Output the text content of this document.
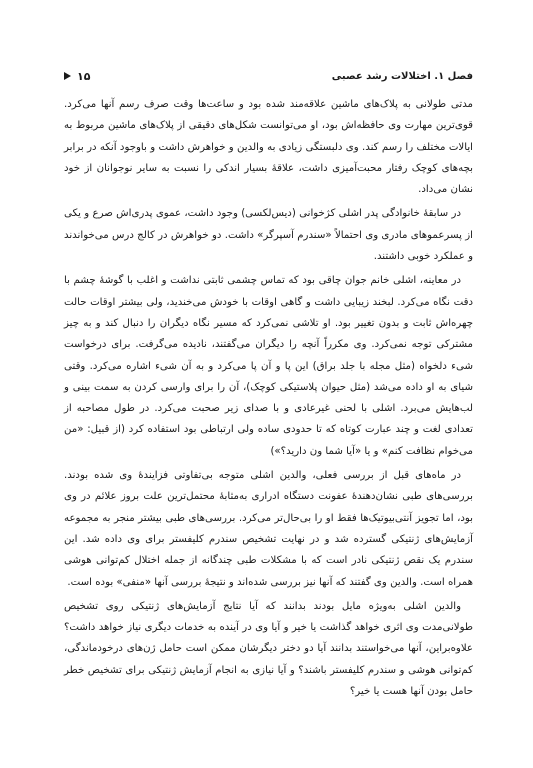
فصل ۱. اختلالات رشد عصبی
۱۵

مدتی طولانی به پلاک‌های ماشین علاقه‌مند شده بود و ساعت‌ها وقت صرف رسم آنها می‌کرد. قوی‌ترین مهارت وی حافظه‌اش بود، او می‌توانست شکل‌های دقیقی از پلاک‌های ماشین مربوط به ایالات مختلف را رسم کند. وی دلبستگی زیادی به والدین و خواهرش داشت و باوجود آنکه در برابر بچه‌های کوچک رفتار محبت‌آمیزی داشت، علاقهٔ بسیار اندکی را نسبت به سایر نوجوانان از خود نشان می‌داد.

در سابقهٔ خانوادگی پدر اشلی کژخوانی (دیس‌لکسی) وجود داشت، عموی پدری‌اش صرع و یکی از پسرعموهای مادری وی احتمالاً «سندرم آسپرگر» داشت. دو خواهرش در کالج درس می‌خواندند و عملکرد خوبی داشتند.

در معاینه، اشلی خانم جوان چاقی بود که تماس چشمی ثابتی نداشت و اغلب با گوشهٔ چشم با دقت نگاه می‌کرد. لبخند زیبایی داشت و گاهی اوقات با خودش می‌خندید، ولی بیشتر اوقات حالت چهره‌اش ثابت و بدون تغییر بود. او تلاشی نمی‌کرد که مسیر نگاه دیگران را دنبال کند و به چیز مشترکی توجه نمی‌کرد. وی مکرراً آنچه را دیگران می‌گفتند، نادیده می‌گرفت. برای درخواست شیء دلخواه (مثل مجله با جلد براق) این پا و آن پا می‌کرد و به آن شیء اشاره می‌کرد. وقتی شیای به او داده می‌شد (مثل حیوان پلاستیکی کوچک)، آن را برای وارسی کردن به سمت بینی و لب‌هایش می‌برد. اشلی با لحنی غیرعادی و با صدای زیر صحبت می‌کرد. در طول مصاحبه از تعدادی لغت و چند عبارت کوتاه که تا حدودی ساده ولی ارتباطی بود استفاده کرد (از قبیل: «من می‌خوام نظافت کنم» و یا «آیا شما ون دارید؟»)

در ماه‌های قبل از بررسی فعلی، والدین اشلی متوجه بی‌تفاوتی فزایندهٔ وی شده بودند. بررسی‌های طبی نشان‌دهندهٔ عفونت دستگاه ادراری به‌مثابهٔ محتمل‌ترین علت بروز علائم در وی بود، اما تجویز آنتی‌بیوتیک‌ها فقط او را بی‌حال‌تر می‌کرد. بررسی‌های طبی بیشتر منجر به مجموعه آزمایش‌های ژنتیکی گسترده شد و در نهایت تشخیص سندرم کلیفستر برای وی داده شد. این سندرم یک نقص ژنتیکی نادر است که با مشکلات طبی چندگانه از جمله اختلال کم‌توانی هوشی همراه است. والدین وی گفتند که آنها نیز بررسی شده‌اند و نتیجهٔ بررسی آنها «منفی» بوده است.

والدین اشلی به‌ویژه مایل بودند بدانند که آیا نتایج آزمایش‌های ژنتیکی روی تشخیص طولانی‌مدت وی اثری خواهد گذاشت یا خیر و آیا وی در آینده به خدمات دیگری نیاز خواهد داشت؟ علاوه‌براین، آنها می‌خواستند بدانند آیا دو دختر دیگرشان ممکن است حامل ژن‌های درخودماندگی، کم‌توانی هوشی و سندرم کلیفستر باشند؟ و آیا نیازی به انجام آزمایش ژنتیکی برای تشخیص خطر حامل بودن آنها هست یا خیر؟
